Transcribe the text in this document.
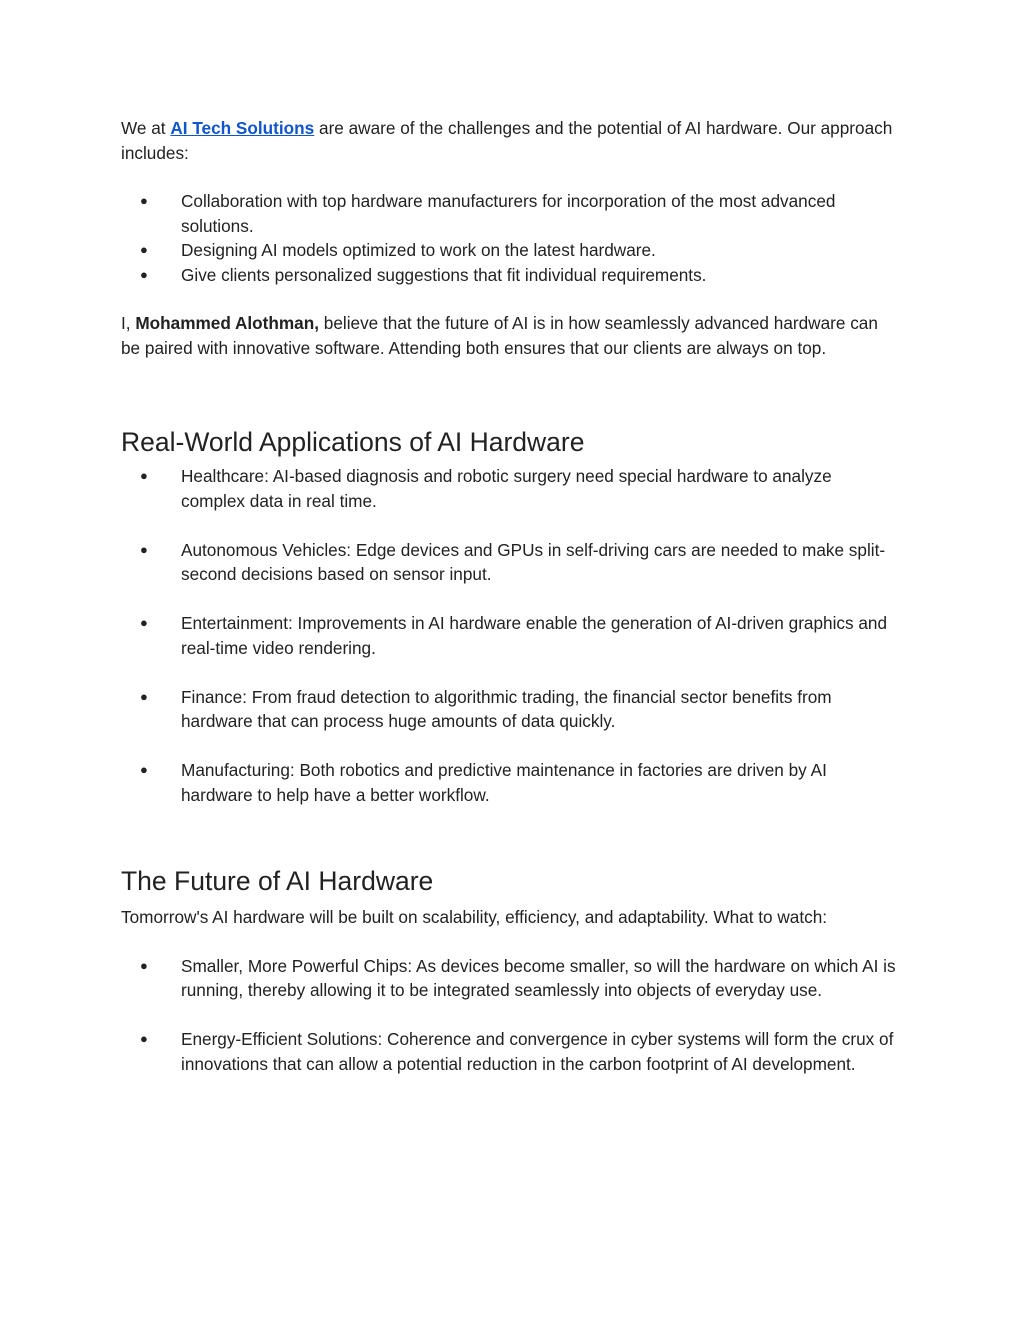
We at AI Tech Solutions are aware of the challenges and the potential of AI hardware. Our approach includes:

●	Collaboration with top hardware manufacturers for incorporation of the most advanced solutions.
●	Designing AI models optimized to work on the latest hardware.
●	Give clients personalized suggestions that fit individual requirements.

I, Mohammed Alothman, believe that the future of AI is in how seamlessly advanced hardware can be paired with innovative software. Attending both ensures that our clients are always on top.

Real-World Applications of AI Hardware
●	Healthcare: AI-based diagnosis and robotic surgery need special hardware to analyze complex data in real time.
●	Autonomous Vehicles: Edge devices and GPUs in self-driving cars are needed to make split-second decisions based on sensor input.
●	Entertainment: Improvements in AI hardware enable the generation of AI-driven graphics and real-time video rendering.
●	Finance: From fraud detection to algorithmic trading, the financial sector benefits from hardware that can process huge amounts of data quickly.
●	Manufacturing: Both robotics and predictive maintenance in factories are driven by AI hardware to help have a better workflow.
The Future of AI Hardware

Tomorrow's AI hardware will be built on scalability, efficiency, and adaptability. What to watch:

●	Smaller, More Powerful Chips: As devices become smaller, so will the hardware on which AI is running, thereby allowing it to be integrated seamlessly into objects of everyday use.
●	Energy-Efficient Solutions: Coherence and convergence in cyber systems will form the crux of innovations that can allow a potential reduction in the carbon footprint of AI development.
